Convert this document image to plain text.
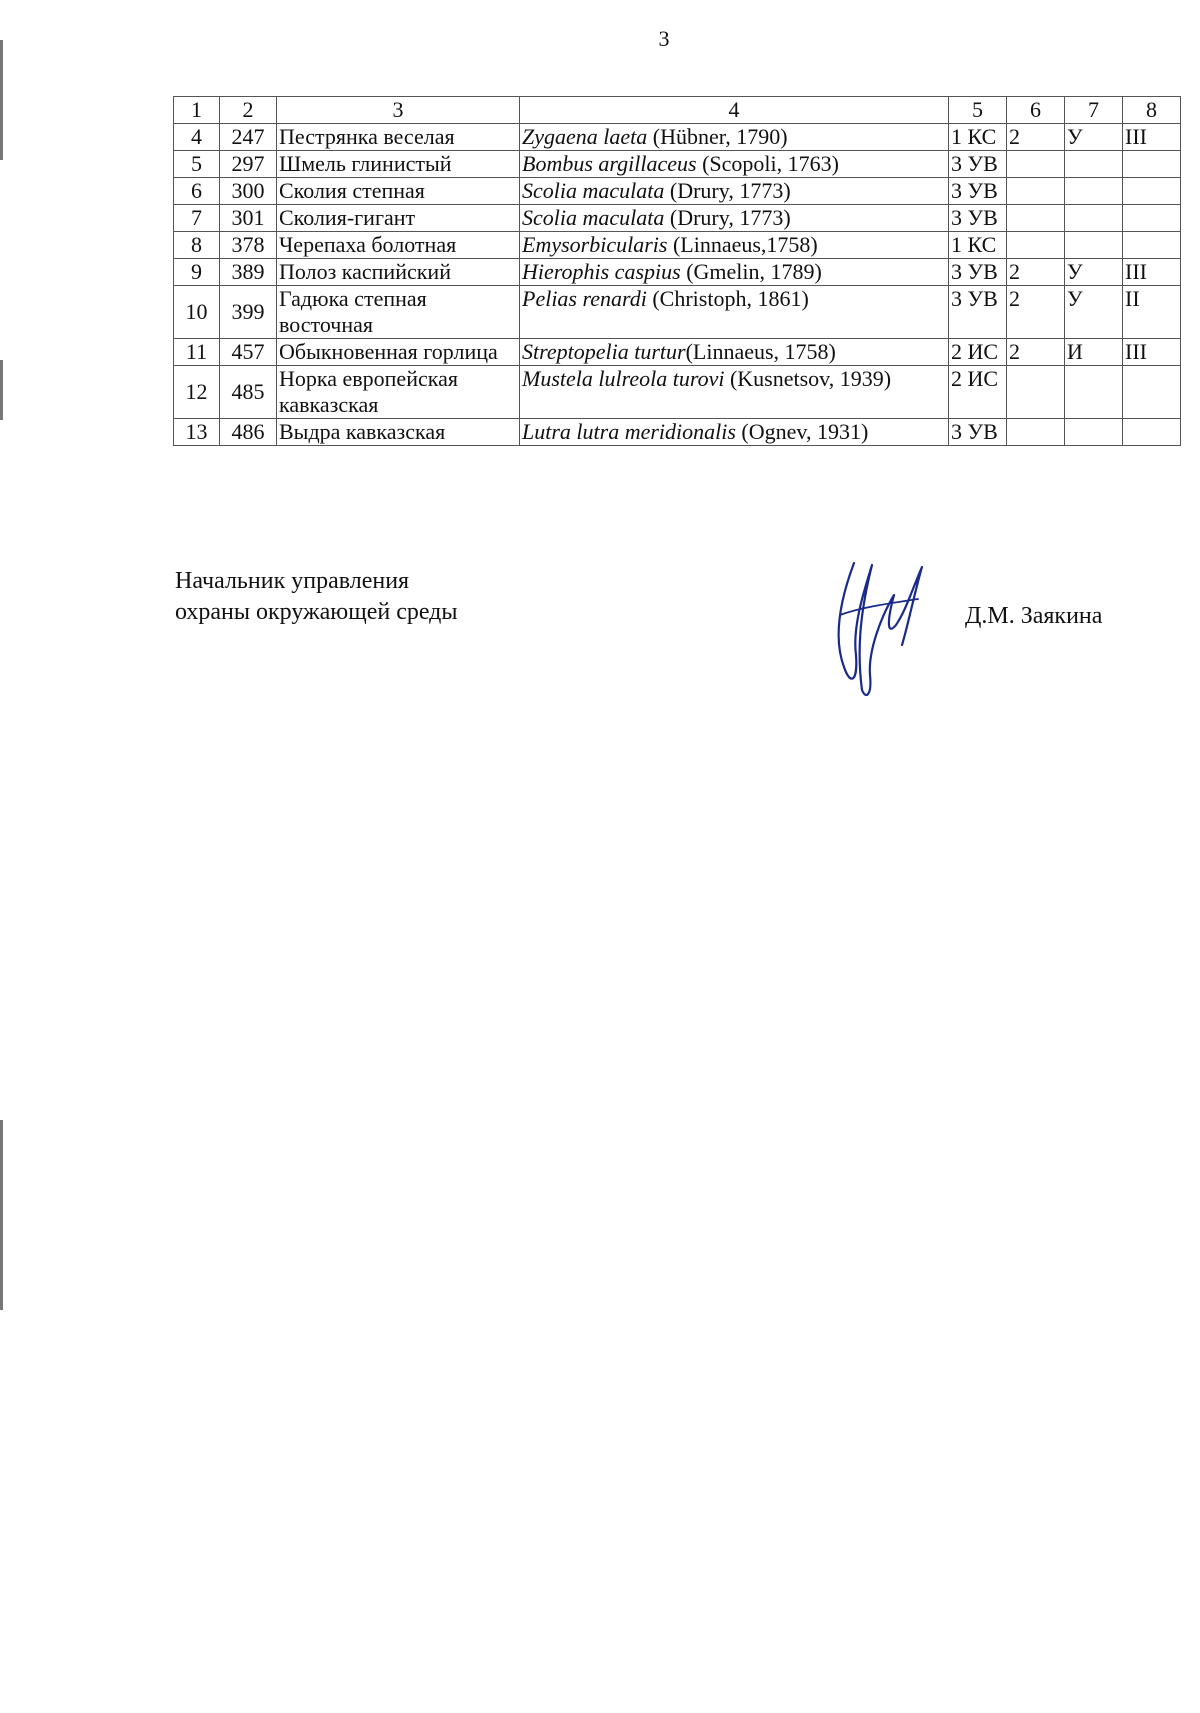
3
1	2	3	4	5	6	7	8
4	247	Пестрянка веселая	Zygaena laeta (Hübner, 1790)	1 КС	2	У	III
5	297	Шмель глинистый	Bombus argillaceus (Scopoli, 1763)	3 УВ			
6	300	Сколия степная	Scolia maculata (Drury, 1773)	3 УВ			
7	301	Сколия-гигант	Scolia maculata (Drury, 1773)	3 УВ			
8	378	Черепаха болотная	Emysorbicularis (Linnaeus,1758)	1 КС			
9	389	Полоз каспийский	Hierophis caspius (Gmelin, 1789)	3 УВ	2	У	III
10	399	Гадюка степная восточная	Pelias renardi (Christoph, 1861)	3 УВ	2	У	II
11	457	Обыкновенная горлица	Streptopelia turtur(Linnaeus, 1758)	2 ИС	2	И	III
12	485	Норка европейская кавказская	Mustela lulreola turovi (Kusnetsov, 1939)	2 ИС			
13	486	Выдра кавказская	Lutra lutra meridionalis (Ognev, 1931)	3 УВ			
Начальник управления
охраны окружающей среды	Д.М. Заякина
